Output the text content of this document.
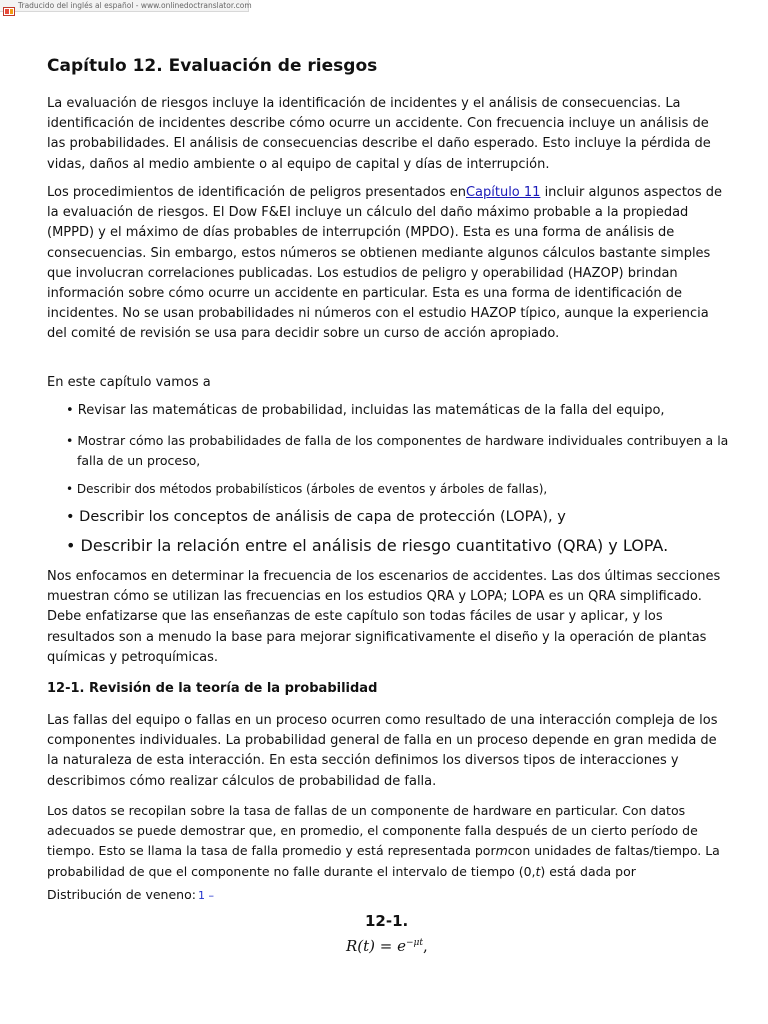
Traducido del inglés al español - www.onlinedoctranslator.com
Capítulo 12. Evaluación de riesgos

La evaluación de riesgos incluye la identificación de incidentes y el análisis de consecuencias. La identificación de incidentes describe cómo ocurre un accidente. Con frecuencia incluye un análisis de las probabilidades. El análisis de consecuencias describe el daño esperado. Esto incluye la pérdida de vidas, daños al medio ambiente o al equipo de capital y días de interrupción.

Los procedimientos de identificación de peligros presentados enCapítulo 11 incluir algunos aspectos de la evaluación de riesgos. El Dow F&EI incluye un cálculo del daño máximo probable a la propiedad (MPPD) y el máximo de días probables de interrupción (MPDO). Esta es una forma de análisis de consecuencias. Sin embargo, estos números se obtienen mediante algunos cálculos bastante simples que involucran correlaciones publicadas. Los estudios de peligro y operabilidad (HAZOP) brindan información sobre cómo ocurre un accidente en particular. Esta es una forma de identificación de incidentes. No se usan probabilidades ni números con el estudio HAZOP típico, aunque la experiencia del comité de revisión se usa para decidir sobre un curso de acción apropiado.

En este capítulo vamos a

• Revisar las matemáticas de probabilidad, incluidas las matemáticas de la falla del equipo,

• Mostrar cómo las probabilidades de falla de los componentes de hardware individuales contribuyen a la

falla de un proceso,

• Describir dos métodos probabilísticos (árboles de eventos y árboles de fallas),

• Describir los conceptos de análisis de capa de protección (LOPA), y

• Describir la relación entre el análisis de riesgo cuantitativo (QRA) y LOPA.

Nos enfocamos en determinar la frecuencia de los escenarios de accidentes. Las dos últimas secciones muestran cómo se utilizan las frecuencias en los estudios QRA y LOPA; LOPA es un QRA simplificado. Debe enfatizarse que las enseñanzas de este capítulo son todas fáciles de usar y aplicar, y los resultados son a menudo la base para mejorar significativamente el diseño y la operación de plantas químicas y petroquímicas.

12-1. Revisión de la teoría de la probabilidad

Las fallas del equipo o fallas en un proceso ocurren como resultado de una interacción compleja de los componentes individuales. La probabilidad general de falla en un proceso depende en gran medida de la naturaleza de esta interacción. En esta sección definimos los diversos tipos de interacciones y describimos cómo realizar cálculos de probabilidad de falla.

Los datos se recopilan sobre la tasa de fallas de un componente de hardware en particular. Con datos
adecuados se puede demostrar que, en promedio, el componente falla después de un cierto período de
tiempo. Esto se llama la tasa de falla promedio y está representada pormcon unidades de faltas/tiempo. La
probabilidad de que el componente no falle durante el intervalo de tiempo (0,t) está dada por

Distribución de veneno: 1 –

12-1.

$R(t) = e^{-\mu t}$,
